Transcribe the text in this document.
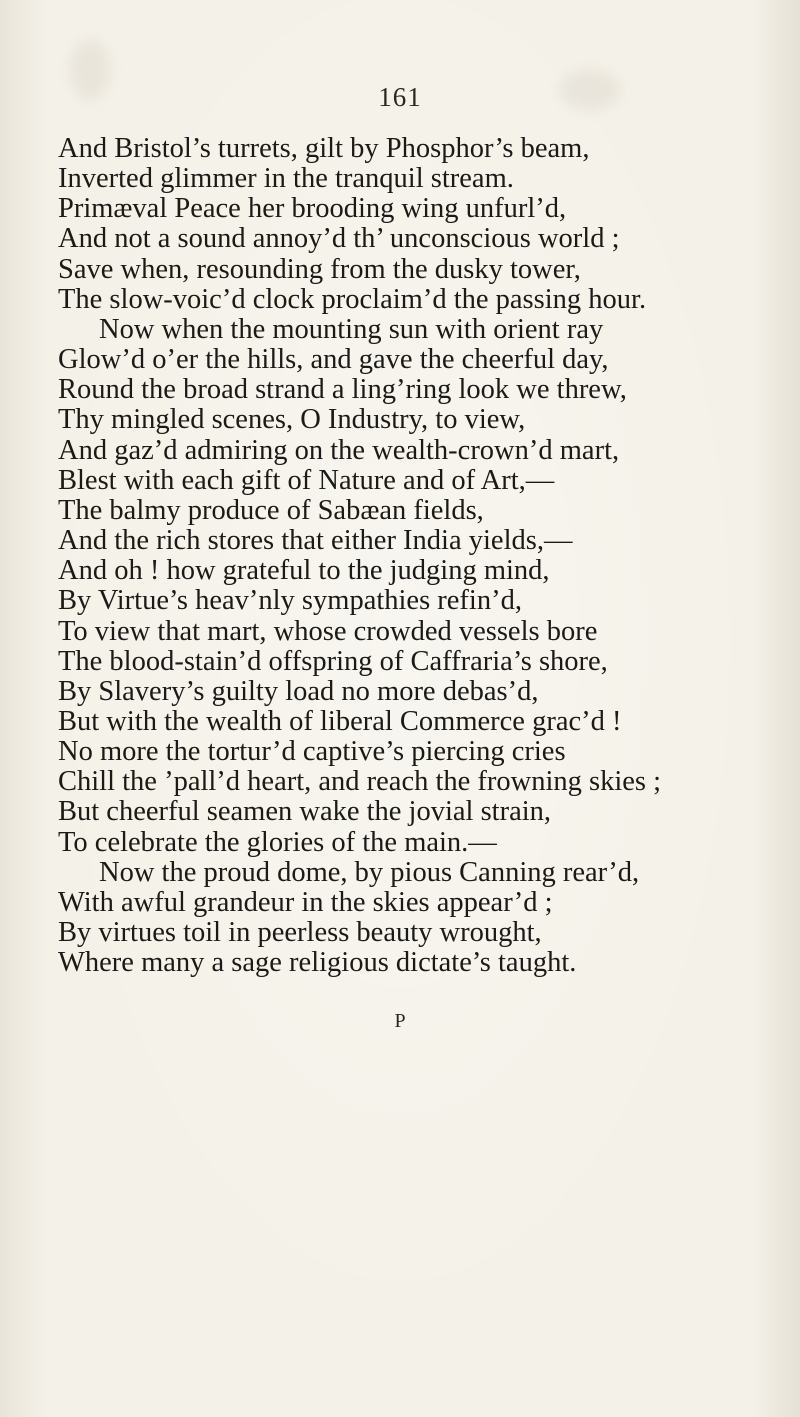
161
And Bristol’s turrets, gilt by Phosphor’s beam,
Inverted glimmer in the tranquil stream.
Primæval Peace her brooding wing unfurl’d,
And not a sound annoy’d th’ unconscious world ;
Save when, resounding from the dusky tower,
The slow-voic’d clock proclaim’d the passing hour.
Now when the mounting sun with orient ray
Glow’d o’er the hills, and gave the cheerful day,
Round the broad strand a ling’ring look we threw,
Thy mingled scenes, O Industry, to view,
And gaz’d admiring on the wealth-crown’d mart,
Blest with each gift of Nature and of Art,—
The balmy produce of Sabæan fields,
And the rich stores that either India yields,—
And oh ! how grateful to the judging mind,
By Virtue’s heav’nly sympathies refin’d,
To view that mart, whose crowded vessels bore
The blood-stain’d offspring of Caffraria’s shore,
By Slavery’s guilty load no more debas’d,
But with the wealth of liberal Commerce grac’d !
No more the tortur’d captive’s piercing cries
Chill the ’pall’d heart, and reach the frowning skies ;
But cheerful seamen wake the jovial strain,
To celebrate the glories of the main.—
Now the proud dome, by pious Canning rear’d,
With awful grandeur in the skies appear’d ;
By virtues toil in peerless beauty wrought,
Where many a sage religious dictate’s taught.
P
